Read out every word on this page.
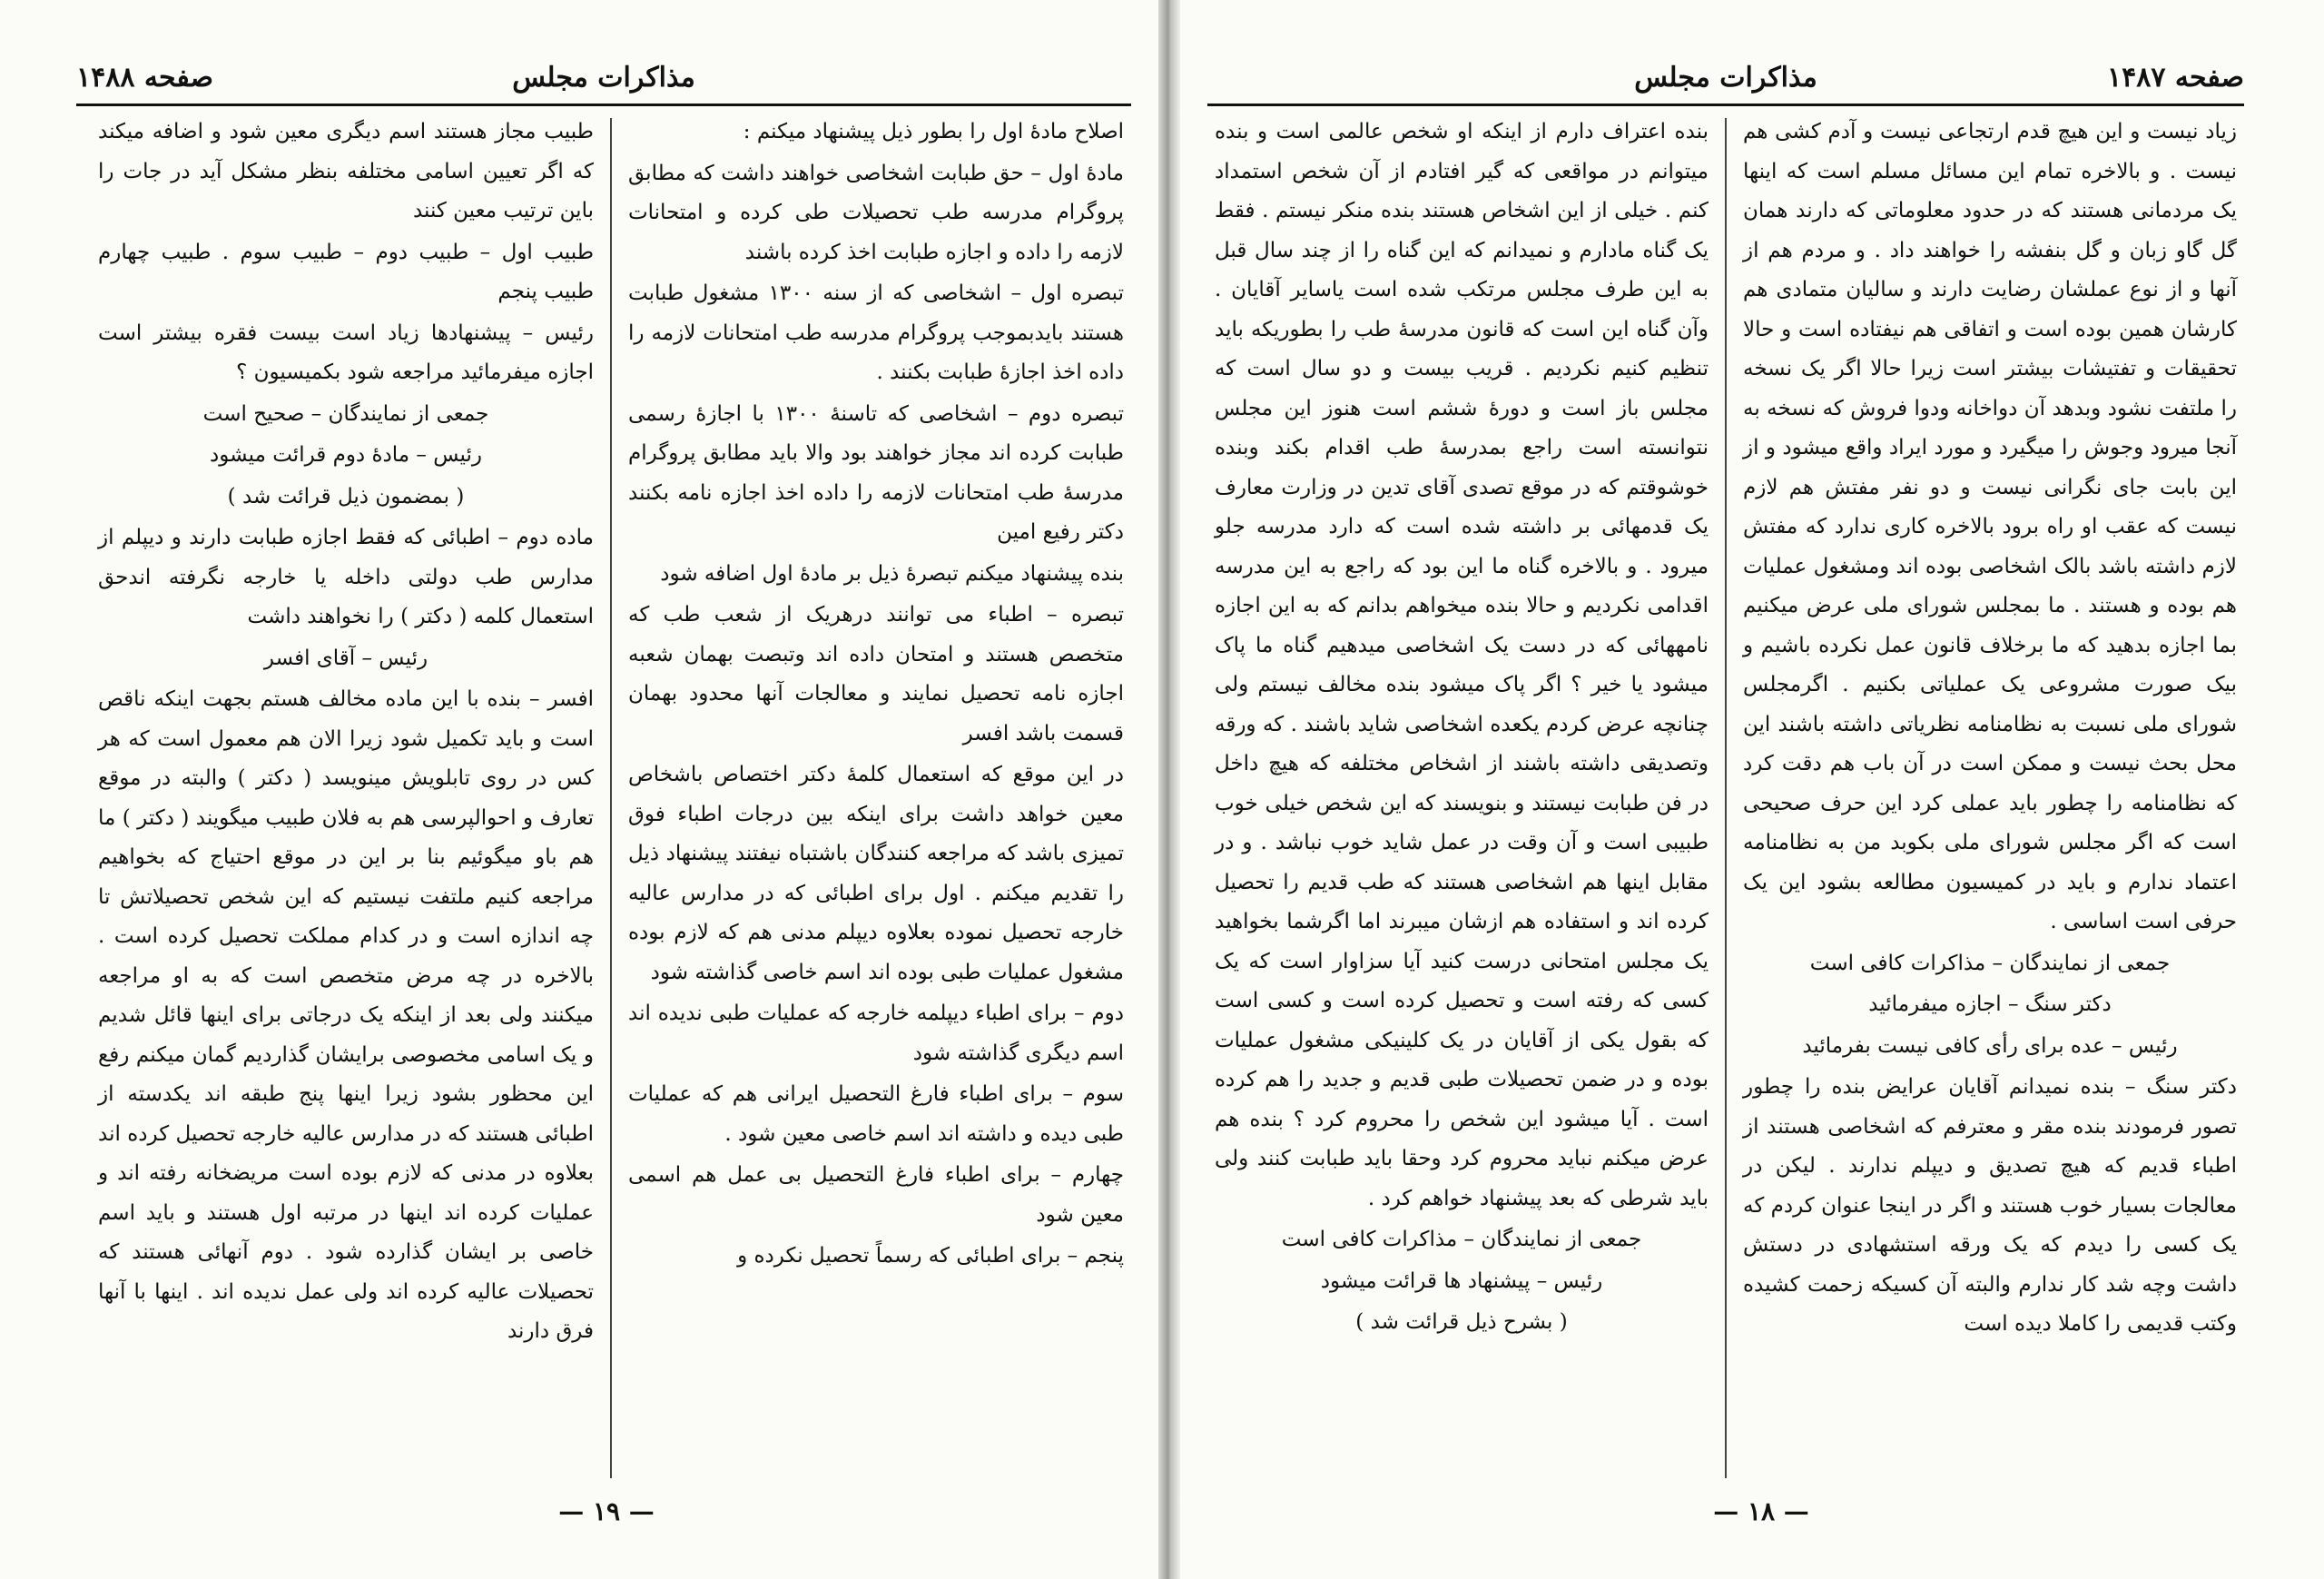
مذاکرات مجلس
صفحه ۱۴۸۸

اصلاح مادهٔ اول را بطور ذیل پیشنهاد میکنم :

مادهٔ اول – حق طبابت اشخاصی خواهند داشت که مطابق پروگرام مدرسه طب تحصیلات طی کرده و امتحانات لازمه را داده و اجازه طبابت اخذ کرده باشند

تبصره اول – اشخاصی که از سنه ۱۳۰۰ مشغول طبابت هستند بایدبموجب پروگرام مدرسه طب امتحانات لازمه را داده اخذ اجازهٔ طبابت بکنند .

تبصره دوم – اشخاصی که تاسنهٔ ۱۳۰۰ با اجازهٔ رسمی طبابت کرده اند مجاز خواهند بود والا باید مطابق پروگرام مدرسهٔ طب امتحانات لازمه را داده اخذ اجازه نامه بکنند دکتر رفیع امین

بنده پیشنهاد میکنم تبصرهٔ ذیل بر مادهٔ اول اضافه شود

تبصره – اطباء می توانند درهریک از شعب طب که متخصص هستند و امتحان داده اند وتبصت بهمان شعبه اجازه نامه تحصیل نمایند و معالجات آنها محدود بهمان قسمت باشد افسر

در این موقع که استعمال کلمهٔ دکتر اختصاص باشخاص معین خواهد داشت برای اینکه بین درجات اطباء فوق تمیزی باشد که مراجعه کنندگان باشتباه نیفتند پیشنهاد ذیل را تقدیم میکنم . اول برای اطبائی که در مدارس عالیه خارجه تحصیل نموده بعلاوه دیپلم مدنی هم که لازم بوده مشغول عملیات طبی بوده اند اسم خاصی گذاشته شود

دوم – برای اطباء دیپلمه خارجه که عملیات طبی ندیده اند اسم دیگری گذاشته شود

سوم – برای اطباء فارغ التحصیل ایرانی هم که عملیات طبی دیده و داشته اند اسم خاصی معین شود .

چهارم – برای اطباء فارغ التحصیل بی عمل هم اسمی معین شود

پنجم – برای اطبائی که رسماً تحصیل نکرده و

طبیب مجاز هستند اسم دیگری معین شود و اضافه میکند که اگر تعیین اسامی مختلفه بنظر مشکل آید در جات را باین ترتیب معین کنند

طبیب اول – طبیب دوم – طبیب سوم . طبیب چهارم طبیب پنجم

رئیس – پیشنهادها زیاد است بیست فقره بیشتر است اجازه میفرمائید مراجعه شود بکمیسیون ؟

جمعی از نمایندگان – صحیح است

رئیس – مادهٔ دوم قرائت میشود

( بمضمون ذیل قرائت شد )

ماده دوم – اطبائی که فقط اجازه طبابت دارند و دیپلم از مدارس طب دولتی داخله یا خارجه نگرفته اندحق استعمال کلمه ( دکتر ) را نخواهند داشت

رئیس – آقای افسر

افسر – بنده با این ماده مخالف هستم بجهت اینکه ناقص است و باید تکمیل شود زیرا الان هم معمول است که هر کس در روی تابلویش مینویسد ( دکتر ) والبته در موقع تعارف و احوالپرسی هم به فلان طبیب میگویند ( دکتر ) ما هم باو میگوئیم بنا بر این در موقع احتیاج که بخواهیم مراجعه کنیم ملتفت نیستیم که این شخص تحصیلاتش تا چه اندازه است و در کدام مملکت تحصیل کرده است . بالاخره در چه مرض متخصص است که به او مراجعه میکنند ولی بعد از اینکه یک درجاتی برای اینها قائل شدیم و یک اسامی مخصوصی برایشان گذاردیم گمان میکنم رفع این محظور بشود زیرا اینها پنج طبقه اند یکدسته از اطبائی هستند که در مدارس عالیه خارجه تحصیل کرده اند بعلاوه در مدنی که لازم بوده است مریضخانه رفته اند و عملیات کرده اند اینها در مرتبه اول هستند و باید اسم خاصی بر ایشان گذارده شود . دوم آنهائی هستند که تحصیلات عالیه کرده اند ولی عمل ندیده اند . اینها با آنها فرق دارند

— ۱۹ —
مذاکرات مجلس	صفحه ۱۴۸۷

زیاد نیست و این هیچ قدم ارتجاعی نیست و آدم کشی هم نیست . و بالاخره تمام این مسائل مسلم است که اینها یک مردمانی هستند که در حدود معلوماتی که دارند همان گل گاو زبان و گل بنفشه را خواهند داد . و مردم هم از آنها و از نوع عملشان رضایت دارند و سالیان متمادی هم کارشان همین بوده است و اتفاقی هم نیفتاده است و حالا تحقیقات و تفتیشات بیشتر است زیرا حالا اگر یک نسخه را ملتفت نشود وبدهد آن دواخانه ودوا فروش که نسخه به آنجا میرود وجوش را میگیرد و مورد ایراد واقع میشود و از این بابت جای نگرانی نیست و دو نفر مفتش هم لازم نیست که عقب او راه برود بالاخره کاری ندارد که مفتش لازم داشته باشد بالک اشخاصی بوده اند ومشغول عملیات هم بوده و هستند . ما بمجلس شورای ملی عرض میکنیم بما اجازه بدهید که ما برخلاف قانون عمل نکرده باشیم و بیک صورت مشروعی یک عملیاتی بکنیم . اگرمجلس شورای ملی نسبت به نظامنامه نظریاتی داشته باشند این محل بحث نیست و ممکن است در آن باب هم دقت کرد که نظامنامه را چطور باید عملی کرد این حرف صحیحی است که اگر مجلس شورای ملی بکوبد من به نظامنامه اعتماد ندارم و باید در کمیسیون مطالعه بشود این یک حرفی است اساسی .

جمعی از نمایندگان – مذاکرات کافی است

دکتر سنگ – اجازه میفرمائید

رئیس – عده برای رأی کافی نیست بفرمائید

دکتر سنگ – بنده نمیدانم آقایان عرایض بنده را چطور تصور فرمودند بنده مقر و معترفم که اشخاصی هستند از اطباء قدیم که هیچ تصدیق و دیپلم ندارند . لیکن در معالجات بسیار خوب هستند و اگر در اینجا عنوان کردم که یک کسی را دیدم که یک ورقه استشهادی در دستش داشت وچه شد کار ندارم والبته آن کسیکه زحمت کشیده وکتب قدیمی را کاملا دیده است

بنده اعتراف دارم از اینکه او شخص عالمی است و بنده میتوانم در مواقعی که گیر افتادم از آن شخص استمداد کنم . خیلی از این اشخاص هستند بنده منکر نیستم . فقط یک گناه مادارم و نمیدانم که این گناه را از چند سال قبل به این طرف مجلس مرتکب شده است یاسایر آقایان . وآن گناه این است که قانون مدرسهٔ طب را بطوریکه باید تنظیم کنیم نکردیم . قریب بیست و دو سال است که مجلس باز است و دورهٔ ششم است هنوز این مجلس نتوانسته است راجع بمدرسهٔ طب اقدام بکند وبنده خوشوقتم که در موقع تصدی آقای تدین در وزارت معارف یک قدمهائی بر داشته شده است که دارد مدرسه جلو میرود . و بالاخره گناه ما این بود که راجع به این مدرسه اقدامی نکردیم و حالا بنده میخواهم بدانم که به این اجازه نامههائی که در دست یک اشخاصی میدهیم گناه ما پاک میشود یا خیر ؟ اگر پاک میشود بنده مخالف نیستم ولی چنانچه عرض کردم یکعده اشخاصی شاید باشند . که ورقه وتصدیقی داشته باشند از اشخاص مختلفه که هیچ داخل در فن طبابت نیستند و بنویسند که این شخص خیلی خوب طبیبی است و آن وقت در عمل شاید خوب نباشد . و در مقابل اینها هم اشخاصی هستند که طب قدیم را تحصیل کرده اند و استفاده هم ازشان میبرند اما اگرشما بخواهید یک مجلس امتحانی درست کنید آیا سزاوار است که یک کسی که رفته است و تحصیل کرده است و کسی است که بقول یکی از آقایان در یک کلینیکی مشغول عملیات بوده و در ضمن تحصیلات طبی قدیم و جدید را هم کرده است . آیا میشود این شخص را محروم کرد ؟ بنده هم عرض میکنم نباید محروم کرد وحقا باید طبابت کنند ولی باید شرطی که بعد پیشنهاد خواهم کرد .

جمعی از نمایندگان – مذاکرات کافی است

رئیس – پیشنهاد ها قرائت میشود

( بشرح ذیل قرائت شد )

— ۱۸ —
